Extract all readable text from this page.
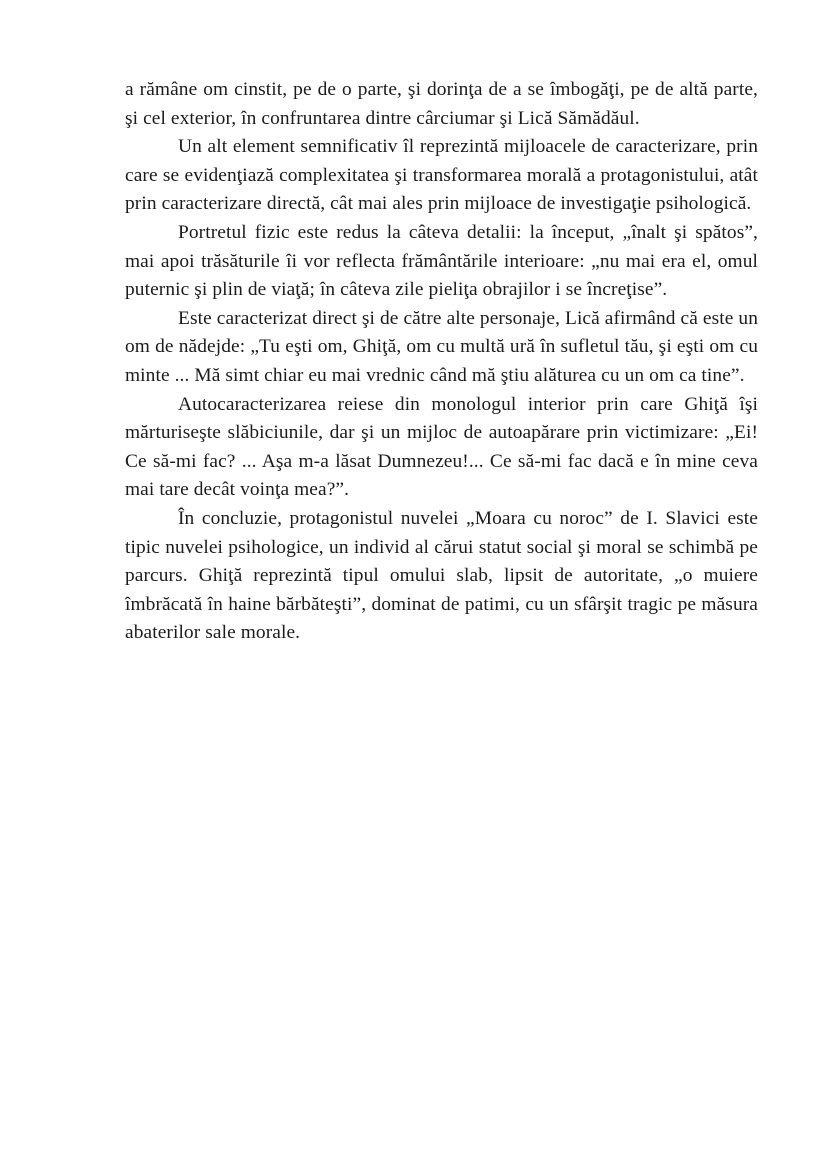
a rămâne om cinstit, pe de o parte, şi dorinţa de a se îmbogăţi, pe de altă parte, şi cel exterior, în confruntarea dintre cârciumar şi Lică Sămădăul.

Un alt element semnificativ îl reprezintă mijloacele de caracterizare, prin care se evidenţiază complexitatea şi transformarea morală a protagonistului, atât prin caracterizare directă, cât mai ales prin mijloace de investigaţie psihologică.

Portretul fizic este redus la câteva detalii: la început, „înalt şi spătos”, mai apoi trăsăturile îi vor reflecta frământările interioare: „nu mai era el, omul puternic şi plin de viaţă; în câteva zile pieliţa obrajilor i se încreţise”.

Este caracterizat direct şi de către alte personaje, Lică afirmând că este un om de nădejde: „Tu eşti om, Ghiţă, om cu multă ură în sufletul tău, şi eşti om cu minte ... Mă simt chiar eu mai vrednic când mă ştiu alăturea cu un om ca tine”.

Autocaracterizarea reiese din monologul interior prin care Ghiţă îşi mărturiseşte slăbiciunile, dar şi un mijloc de autoapărare prin victimizare: „Ei! Ce să-mi fac? ... Aşa m-a lăsat Dumnezeu!... Ce să-mi fac dacă e în mine ceva mai tare decât voinţa mea?”.

În concluzie, protagonistul nuvelei „Moara cu noroc” de I. Slavici este tipic nuvelei psihologice, un individ al cărui statut social şi moral se schimbă pe parcurs. Ghiţă reprezintă tipul omului slab, lipsit de autoritate, „o muiere îmbrăcată în haine bărbăteşti”, dominat de patimi, cu un sfârşit tragic pe măsura abaterilor sale morale.
